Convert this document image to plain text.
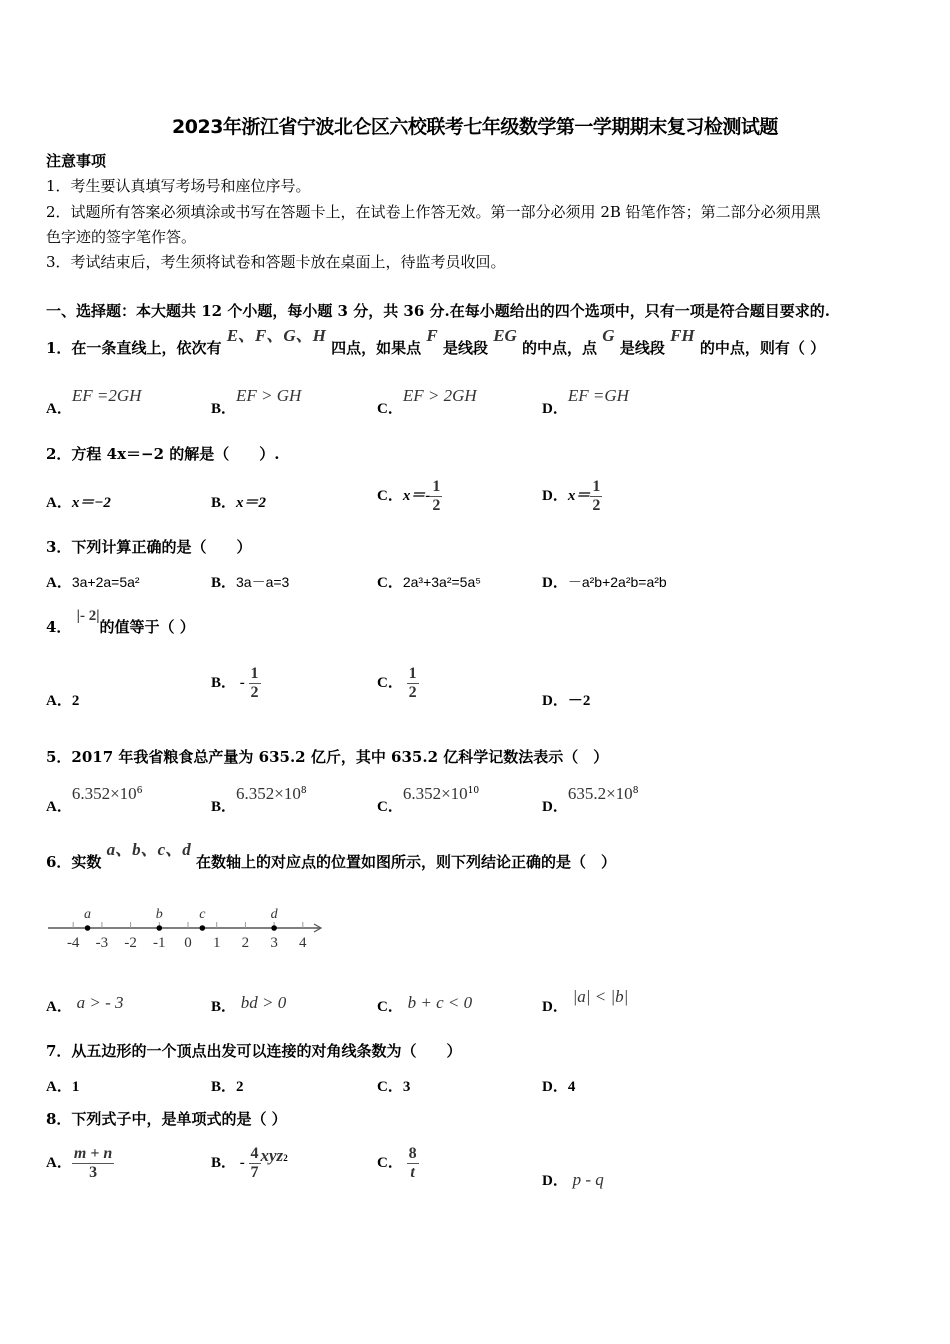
2023年浙江省宁波北仑区六校联考七年级数学第一学期期末复习检测试题
注意事项
1．考生要认真填写考场号和座位序号。
2．试题所有答案必须填涂或书写在答题卡上，在试卷上作答无效。第一部分必须用 2B 铅笔作答；第二部分必须用黑
色字迹的签字笔作答。
3．考试结束后，考生须将试卷和答题卡放在桌面上，待监考员收回。
一、选择题：本大题共 12 个小题，每小题 3 分，共 36 分.在每小题给出的四个选项中，只有一项是符合题目要求的.
1．在一条直线上，依次有 E、F、G、H 四点，如果点 F 是线段 EG 的中点，点 G 是线段 FH 的中点，则有（ ）
A．EF =2GH
B．EF > GH
C．EF > 2GH
D．EF =GH
2．方程 4x＝−2 的解是（　　）.
A．x＝−2	B．x＝2	C．$x=- \frac{1}{2}$	D．$x= \frac{1}{2}$
3．下列计算正确的是（　　）
A．3a+2a=5a²	B．3a－a=3	C．2a³+3a²=5a⁵	D．－a²b+2a²b=a²b
4． |- 2|的值等于（ ）
A．2
B． - $\frac{1}{2}$	C． $\frac{1}{2}$	D．－2
5．2017 年我省粮食总产量为 635.2 亿斤，其中 635.2 亿科学记数法表示（　）
A．$6.352\times 10^6$
B．$6.352\times 10^8$
C．$6.352\times 10^{10}$
D．$635.2\times 10^8$
6．实数 a、b、c、d 在数轴上的对应点的位置如图所示，则下列结论正确的是（　）
-4 -3 -2 -1 0 1 2 3 4
a	b	c	d
A． a > - 3	B． bd > 0	C． b + c < 0	D． |a| < |b|
7．从五边形的一个顶点出发可以连接的对角线条数为（　　）
A．1	B．2	C．3	D．4
8．下列式子中，是单项式的是（ ）
A． $\frac{m + n}{3}$	B． - $\frac{4}{7} xyz^2$	C． $\frac{8}{t}$	D． p - q
